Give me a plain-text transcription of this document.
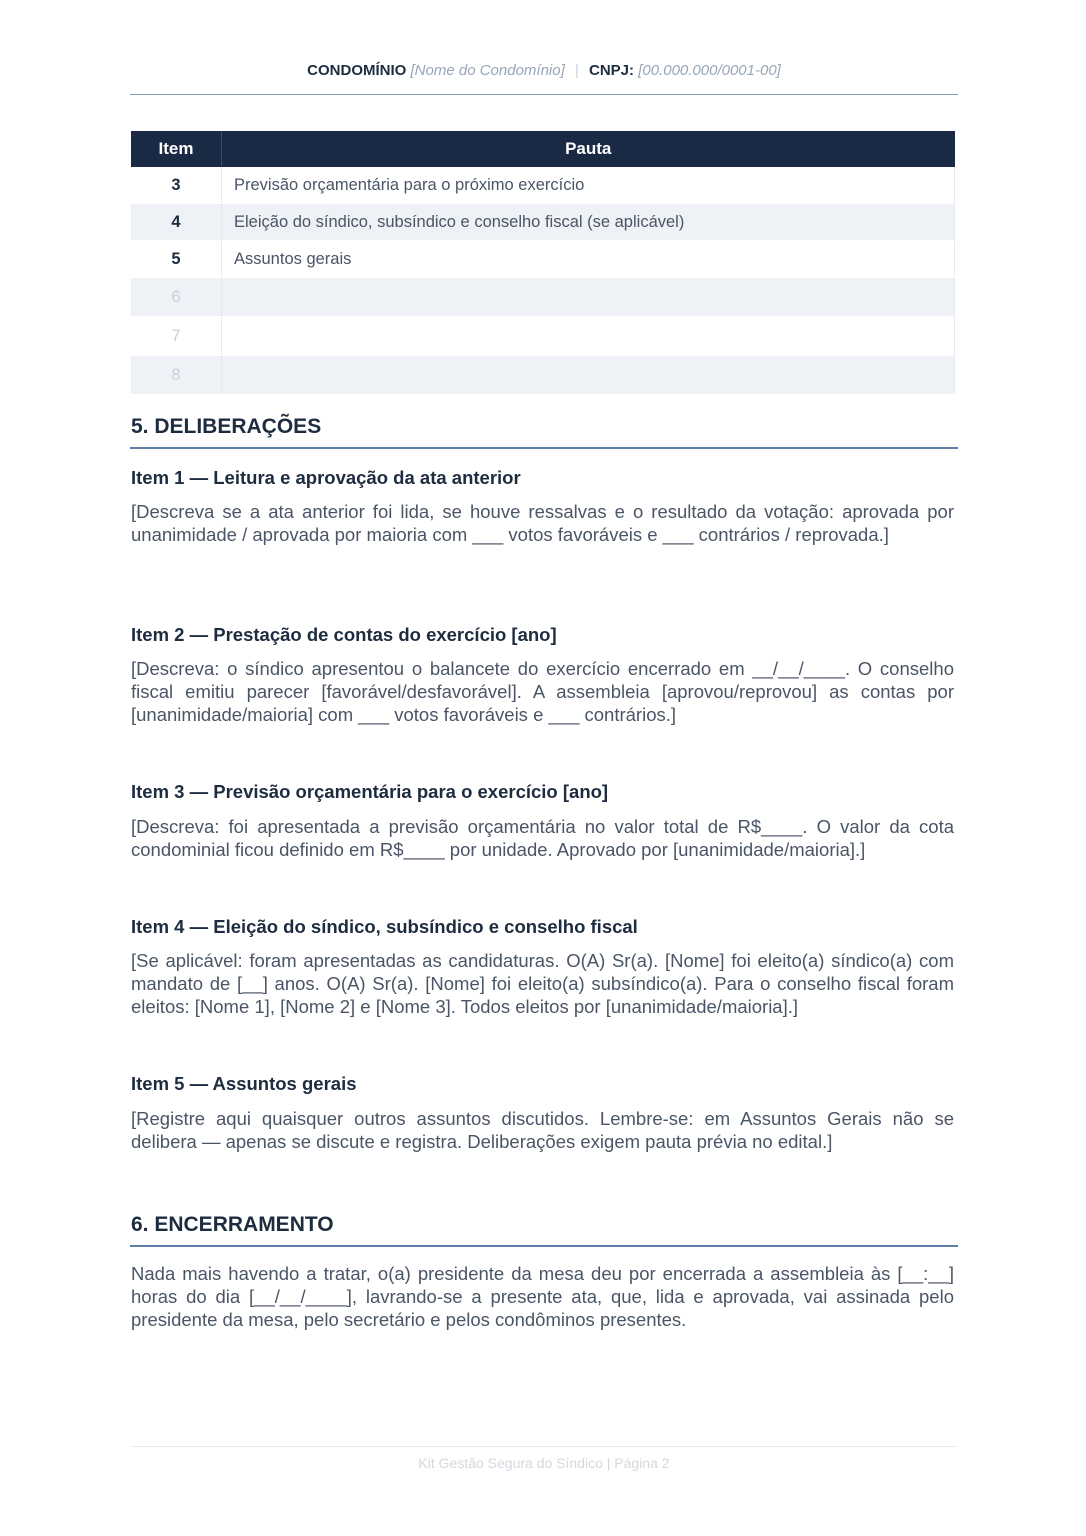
CONDOMÍNIO [Nome do Condomínio] | CNPJ: [00.000.000/0001-00]
Item	Pauta
3	Previsão orçamentária para o próximo exercício
4	Eleição do síndico, subsíndico e conselho fiscal (se aplicável)
5	Assuntos gerais
6	
7	
8	
5. DELIBERAÇÕES
Item 1 — Leitura e aprovação da ata anterior
[Descreva se a ata anterior foi lida, se houve ressalvas e o resultado da votação: aprovada por unanimidade / aprovada por maioria com ___ votos favoráveis e ___ contrários / reprovada.]
Item 2 — Prestação de contas do exercício [ano]
[Descreva: o síndico apresentou o balancete do exercício encerrado em __/__/____. O conselho fiscal emitiu parecer [favorável/desfavorável]. A assembleia [aprovou/reprovou] as contas por [unanimidade/maioria] com ___ votos favoráveis e ___ contrários.]
Item 3 — Previsão orçamentária para o exercício [ano]
[Descreva: foi apresentada a previsão orçamentária no valor total de R$____. O valor da cota condominial ficou definido em R$____ por unidade. Aprovado por [unanimidade/maioria].]
Item 4 — Eleição do síndico, subsíndico e conselho fiscal
[Se aplicável: foram apresentadas as candidaturas. O(A) Sr(a). [Nome] foi eleito(a) síndico(a) com mandato de [__] anos. O(A) Sr(a). [Nome] foi eleito(a) subsíndico(a). Para o conselho fiscal foram eleitos: [Nome 1], [Nome 2] e [Nome 3]. Todos eleitos por [unanimidade/maioria].]
Item 5 — Assuntos gerais
[Registre aqui quaisquer outros assuntos discutidos. Lembre-se: em Assuntos Gerais não se delibera — apenas se discute e registra. Deliberações exigem pauta prévia no edital.]
6. ENCERRAMENTO
Nada mais havendo a tratar, o(a) presidente da mesa deu por encerrada a assembleia às [__:__] horas do dia [__/__/____], lavrando-se a presente ata, que, lida e aprovada, vai assinada pelo presidente da mesa, pelo secretário e pelos condôminos presentes.
Kit Gestão Segura do Síndico | Página 2
